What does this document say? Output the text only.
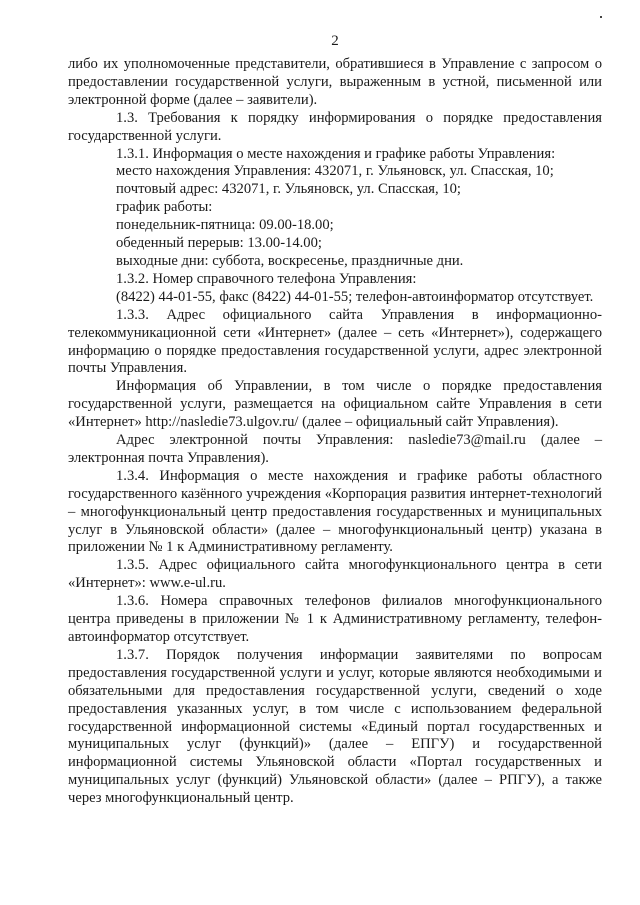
2

либо их уполномоченные представители, обратившиеся в Управление с запросом о предоставлении государственной услуги, выраженным в устной, письменной или электронной форме (далее – заявители).

1.3. Требования к порядку информирования о порядке предоставления государственной услуги.

1.3.1. Информация о месте нахождения и графике работы Управления:

место нахождения Управления: 432071, г. Ульяновск, ул. Спасская, 10;

почтовый адрес: 432071, г. Ульяновск, ул. Спасская, 10;

график работы:

понедельник-пятница: 09.00-18.00;

обеденный перерыв: 13.00-14.00;

выходные дни: суббота, воскресенье, праздничные дни.

1.3.2. Номер справочного телефона Управления:

(8422) 44-01-55, факс (8422) 44-01-55; телефон-автоинформатор отсутствует.

1.3.3. Адрес официального сайта Управления в информационно-телекоммуникационной сети «Интернет» (далее – сеть «Интернет»), содержащего информацию о порядке предоставления государственной услуги, адрес электронной почты Управления.

Информация об Управлении, в том числе о порядке предоставления государственной услуги, размещается на официальном сайте Управления в сети «Интернет» http://nasledie73.ulgov.ru/ (далее – официальный сайт Управления).

Адрес электронной почты Управления: nasledie73@mail.ru (далее – электронная почта Управления).

1.3.4. Информация о месте нахождения и графике работы областного государственного казённого учреждения «Корпорация развития интернет-технологий – многофункциональный центр предоставления государственных и муниципальных услуг в Ульяновской области» (далее – многофункциональный центр) указана в приложении № 1 к Административному регламенту.

1.3.5. Адрес официального сайта многофункционального центра в сети «Интернет»: www.e-ul.ru.

1.3.6. Номера справочных телефонов филиалов многофункционального центра приведены в приложении № 1 к Административному регламенту, телефон-автоинформатор отсутствует.

1.3.7. Порядок получения информации заявителями по вопросам предоставления государственной услуги и услуг, которые являются необходимыми и обязательными для предоставления государственной услуги, сведений о ходе предоставления указанных услуг, в том числе с использованием федеральной государственной информационной системы «Единый портал государственных и муниципальных услуг (функций)» (далее – ЕПГУ) и государственной информационной системы Ульяновской области «Портал государственных и муниципальных услуг (функций) Ульяновской области» (далее – РПГУ), а также через многофункциональный центр.
